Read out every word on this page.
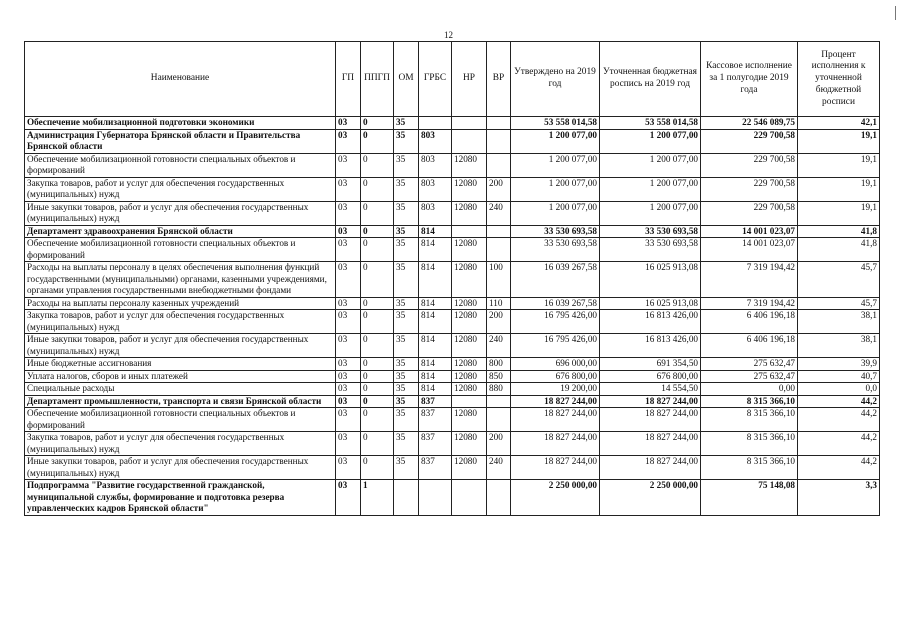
12
Наименование	ГП	ППГП	ОМ	ГРБС	НР	ВР	Утверждено на 2019 год	Уточненная бюджетная роспись на 2019 год	Кассовое исполнение за 1 полугодие 2019 года	Процент исполнения к уточненной бюджетной росписи
Обеспечение мобилизационной подготовки экономики	03	0	35				53 558 014,58	53 558 014,58	22 546 089,75	42,1
Администрация Губернатора Брянской области и Правительства Брянской области	03	0	35	803			1 200 077,00	1 200 077,00	229 700,58	19,1
Обеспечение мобилизационной готовности специальных объектов и формирований	03	0	35	803	12080		1 200 077,00	1 200 077,00	229 700,58	19,1
Закупка товаров, работ и услуг для обеспечения государственных (муниципальных) нужд	03	0	35	803	12080	200	1 200 077,00	1 200 077,00	229 700,58	19,1
Иные закупки товаров, работ и услуг для обеспечения государственных (муниципальных) нужд	03	0	35	803	12080	240	1 200 077,00	1 200 077,00	229 700,58	19,1
Департамент здравоохранения Брянской области	03	0	35	814			33 530 693,58	33 530 693,58	14 001 023,07	41,8
Обеспечение мобилизационной готовности специальных объектов и формирований	03	0	35	814	12080		33 530 693,58	33 530 693,58	14 001 023,07	41,8
Расходы на выплаты персоналу в целях обеспечения выполнения функций государственными (муниципальными) органами, казенными учреждениями, органами управления государственными внебюджетными фондами	03	0	35	814	12080	100	16 039 267,58	16 025 913,08	7 319 194,42	45,7
Расходы на выплаты персоналу казенных учреждений	03	0	35	814	12080	110	16 039 267,58	16 025 913,08	7 319 194,42	45,7
Закупка товаров, работ и услуг для обеспечения государственных (муниципальных) нужд	03	0	35	814	12080	200	16 795 426,00	16 813 426,00	6 406 196,18	38,1
Иные закупки товаров, работ и услуг для обеспечения государственных (муниципальных) нужд	03	0	35	814	12080	240	16 795 426,00	16 813 426,00	6 406 196,18	38,1
Иные бюджетные ассигнования	03	0	35	814	12080	800	696 000,00	691 354,50	275 632,47	39,9
Уплата налогов, сборов и иных платежей	03	0	35	814	12080	850	676 800,00	676 800,00	275 632,47	40,7
Специальные расходы	03	0	35	814	12080	880	19 200,00	14 554,50	0,00	0,0
Департамент промышленности, транспорта и связи Брянской области	03	0	35	837			18 827 244,00	18 827 244,00	8 315 366,10	44,2
Обеспечение мобилизационной готовности специальных объектов и формирований	03	0	35	837	12080		18 827 244,00	18 827 244,00	8 315 366,10	44,2
Закупка товаров, работ и услуг для обеспечения государственных (муниципальных) нужд	03	0	35	837	12080	200	18 827 244,00	18 827 244,00	8 315 366,10	44,2
Иные закупки товаров, работ и услуг для обеспечения государственных (муниципальных) нужд	03	0	35	837	12080	240	18 827 244,00	18 827 244,00	8 315 366,10	44,2
Подпрограмма "Развитие государственной гражданской, муниципальной службы, формирование и подготовка резерва управленческих кадров Брянской области"	03	1					2 250 000,00	2 250 000,00	75 148,08	3,3
